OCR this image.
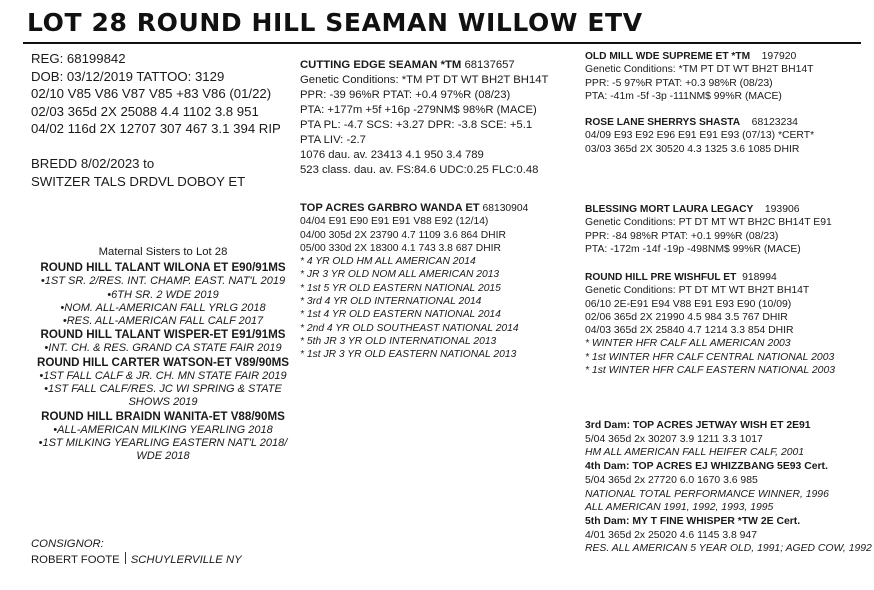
LOT 28 ROUND HILL SEAMAN WILLOW ETV
REG: 68199842
DOB: 03/12/2019 TATTOO: 3129
02/10 V85 V86 V87 V85 +83 V86 (01/22)
02/03 365d 2X 25088 4.4 1102 3.8 951
04/02 116d 2X 12707 307 467 3.1 394 RIP

BREDD 8/02/2023 to
SWITZER TALS DRDVL DOBOY ET
CUTTING EDGE SEAMAN *TM 68137657
Genetic Conditions: *TM PT DT WT BH2T BH14T
PPR: -39 96%R PTAT: +0.4 97%R (08/23)
PTA: +177m +5f +16p -279NM$ 98%R (MACE)
PTA PL: -4.7 SCS: +3.27 DPR: -3.8 SCE: +5.1
PTA LIV: -2.7
1076 dau. av. 23413 4.1 950 3.4 789
523 class. dau. av. FS:84.6 UDC:0.25 FLC:0.48
TOP ACRES GARBRO WANDA ET 68130904
04/04 E91 E90 E91 E91 V88 E92 (12/14)
04/00 305d 2X 23790 4.7 1109 3.6 864 DHIR
05/00 330d 2X 18300 4.1 743 3.8 687 DHIR
* 4 YR OLD HM ALL AMERICAN 2014
* JR 3 YR OLD NOM ALL AMERICAN 2013
* 1st 5 YR OLD EASTERN NATIONAL 2015
* 3rd 4 YR OLD INTERNATIONAL 2014
* 1st 4 YR OLD EASTERN NATIONAL 2014
* 2nd 4 YR OLD SOUTHEAST NATIONAL 2014
* 5th JR 3 YR OLD INTERNATIONAL 2013
* 1st JR 3 YR OLD EASTERN NATIONAL 2013
OLD MILL WDE SUPREME ET *TM 197920
Genetic Conditions: *TM PT DT WT BH2T BH14T
PPR: -5 97%R PTAT: +0.3 98%R (08/23)
PTA: -41m -5f -3p -111NM$ 99%R (MACE)
ROSE LANE SHERRYS SHASTA 68123234
04/09 E93 E92 E96 E91 E91 E93 (07/13) *CERT*
03/03 365d 2X 30520 4.3 1325 3.6 1085 DHIR
BLESSING MORT LAURA LEGACY 193906
Genetic Conditions: PT DT MT WT BH2C BH14T E91
PPR: -84 98%R PTAT: +0.1 99%R (08/23)
PTA: -172m -14f -19p -498NM$ 99%R (MACE)
ROUND HILL PRE WISHFUL ET 918994
Genetic Conditions: PT DT MT WT BH2T BH14T
06/10 2E-E91 E94 V88 E91 E93 E90 (10/09)
02/06 365d 2X 21990 4.5 984 3.5 767 DHIR
04/03 365d 2X 25840 4.7 1214 3.3 854 DHIR
* WINTER HFR CALF ALL AMERICAN 2003
* 1st WINTER HFR CALF CENTRAL NATIONAL 2003
* 1st WINTER HFR CALF EASTERN NATIONAL 2003
3rd Dam: TOP ACRES JETWAY WISH ET 2E91
5/04 365d 2x 30207 3.9 1211 3.3 1017
HM ALL AMERICAN FALL HEIFER CALF, 2001
4th Dam: TOP ACRES EJ WHIZZBANG 5E93 Cert.
5/04 365d 2x 27720 6.0 1670 3.6 985
NATIONAL TOTAL PERFORMANCE WINNER, 1996
ALL AMERICAN 1991, 1992, 1993, 1995
5th Dam: MY T FINE WHISPER *TW 2E Cert.
4/01 365d 2x 25020 4.6 1145 3.8 947
RES. ALL AMERICAN 5 YEAR OLD, 1991; AGED COW, 1992
Maternal Sisters to Lot 28
ROUND HILL TALANT WILONA ET E90/91MS
•1ST SR. 2/RES. INT. CHAMP. EAST. NAT'L 2019
•6TH SR. 2 WDE 2019
•NOM. ALL-AMERICAN FALL YRLG 2018
•RES. ALL-AMERICAN FALL CALF 2017
ROUND HILL TALANT WISPER-ET E91/91MS
•INT. CH. & RES. GRAND CA STATE FAIR 2019
ROUND HILL CARTER WATSON-ET V89/90MS
•1ST FALL CALF & JR. CH. MN STATE FAIR 2019
•1ST FALL CALF/RES. JC WI SPRING & STATE
SHOWS 2019
ROUND HILL BRAIDN WANITA-ET V88/90MS
•ALL-AMERICAN MILKING YEARLING 2018
•1ST MILKING YEARLING EASTERN NAT'L 2018/
WDE 2018
CONSIGNOR:
ROBERT FOOTE SCHUYLERVILLE NY
